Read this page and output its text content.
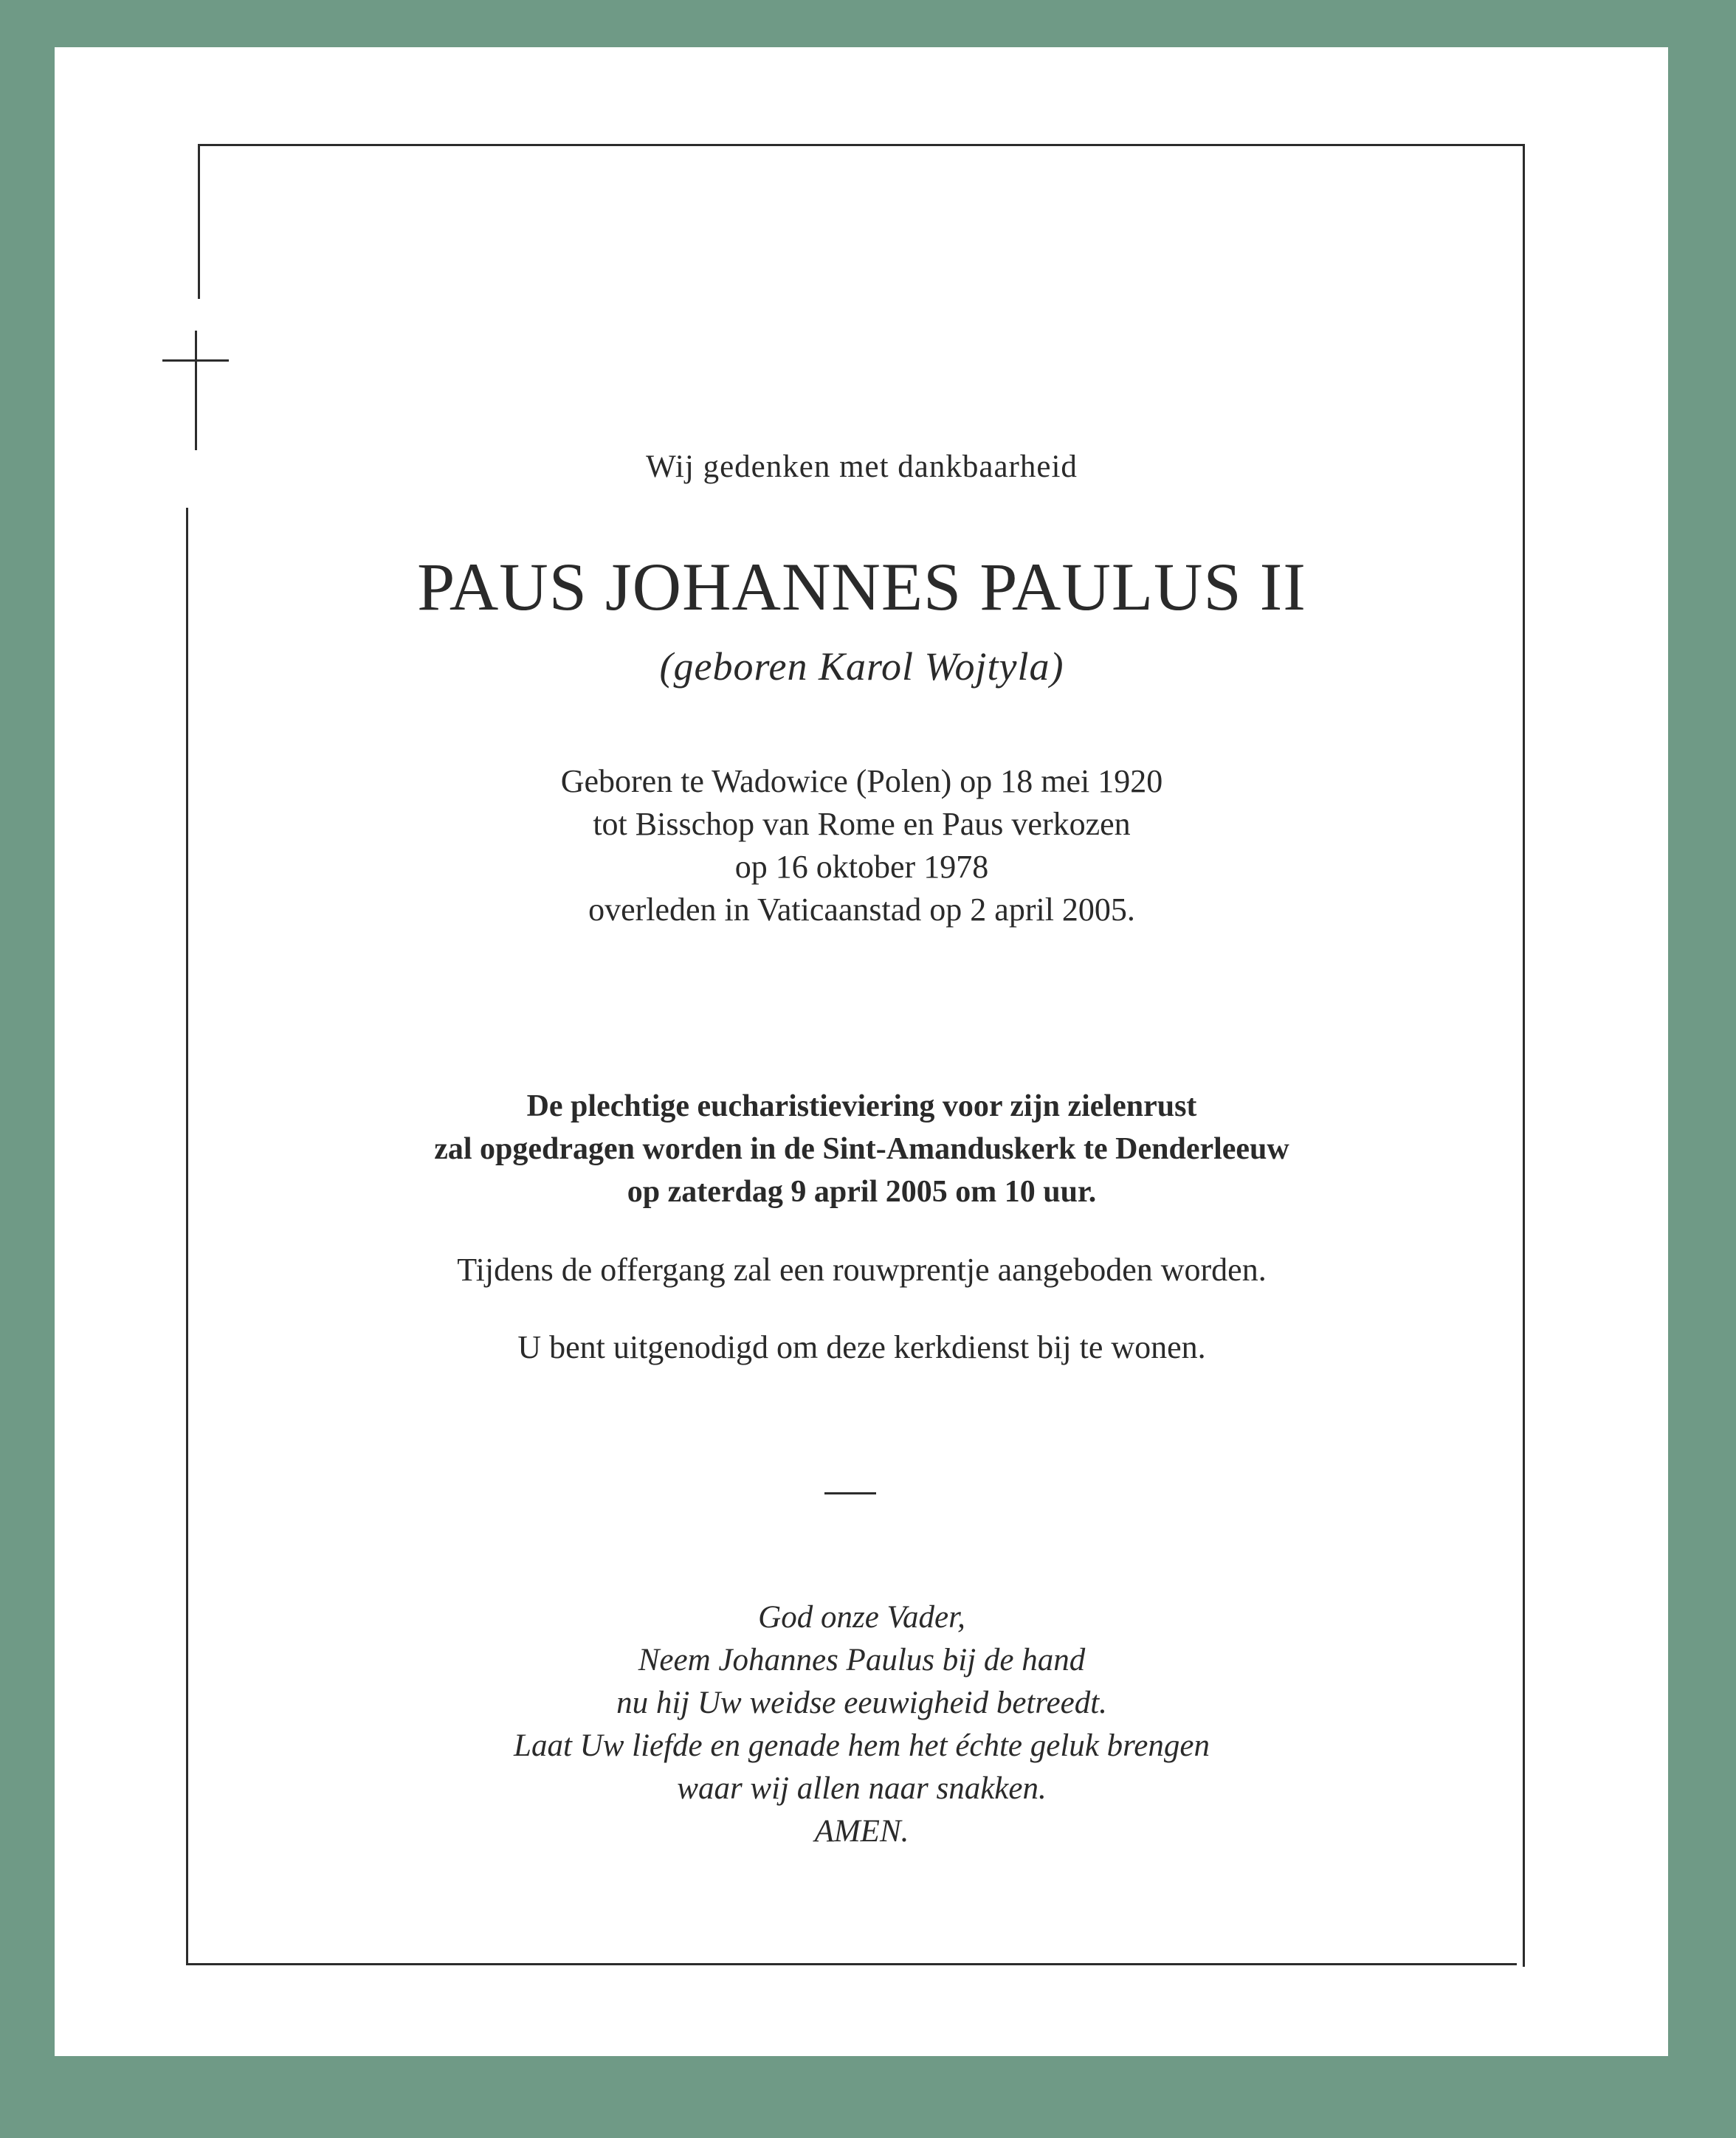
Wij gedenken met dankbaarheid
PAUS JOHANNES PAULUS II
(geboren Karol Wojtyla)
Geboren te Wadowice (Polen) op 18 mei 1920
tot Bisschop van Rome en Paus verkozen
op 16 oktober 1978
overleden in Vaticaanstad op 2 april 2005.
De plechtige eucharistieviering voor zijn zielenrust
zal opgedragen worden in de Sint-Amanduskerk te Denderleeuw
op zaterdag 9 april 2005 om 10 uur.
Tijdens de offergang zal een rouwprentje aangeboden worden.
U bent uitgenodigd om deze kerkdienst bij te wonen.
God onze Vader,
Neem Johannes Paulus bij de hand
nu hij Uw weidse eeuwigheid betreedt.
Laat Uw liefde en genade hem het échte geluk brengen
waar wij allen naar snakken.
AMEN.
